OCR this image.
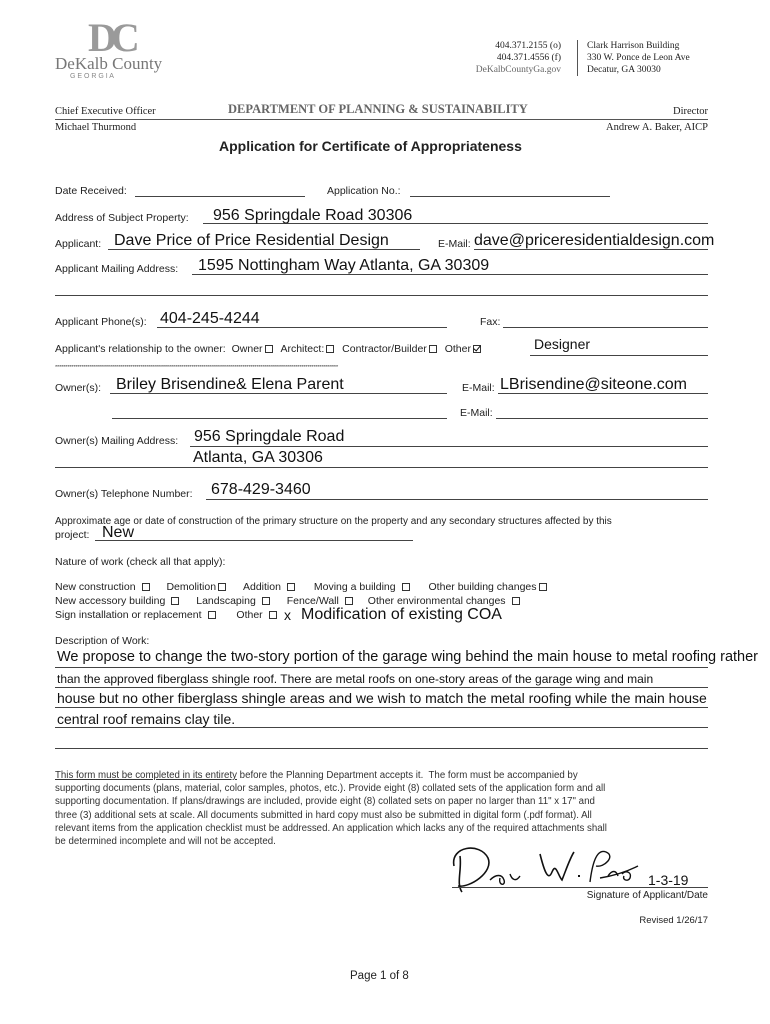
DC
DeKalb County
G E O R G I A
404.371.2155 (o)
404.371.4556 (f)
DeKalbCountyGa.gov
Clark Harrison Building
330 W. Ponce de Leon Ave
Decatur, GA 30030
Chief Executive Officer	DEPARTMENT OF PLANNING & SUSTAINABILITY	Director
Michael Thurmond	Andrew A. Baker, AICP
Application for Certificate of Appropriateness
Date Received:	Application No.:
Address of Subject Property: 956 Springdale Road 30306
Applicant: Dave Price of Price Residential Design	E-Mail: dave@priceresidentialdesign.com
Applicant Mailing Address: 1595 Nottingham Way Atlanta, GA 30309
Applicant Phone(s): 404-245-4244	Fax:
Applicant's relationship to the owner: Owner Architect: Contractor/Builder Other	Designer
*******************************************************************************************************************************************
Owner(s): Briley Brisendine& Elena Parent	E-Mail: LBrisendine@siteone.com
E-Mail:
Owner(s) Mailing Address: 956 Springdale Road
Atlanta, GA 30306
Owner(s) Telephone Number: 678-429-3460
Approximate age or date of construction of the primary structure on the property and any secondary structures affected by this
project: New
Nature of work (check all that apply):
New construction	Demolition	Addition	Moving a building	Other building changes
New accessory building	Landscaping	Fence/Wall	Other environmental changes
Sign installation or replacement	Other	x Modification of existing COA
Description of Work:
We propose to change the two-story portion of the garage wing behind the main house to metal roofing rather
than the approved fiberglass shingle roof. There are metal roofs on one-story areas of the garage wing and main
house but no other fiberglass shingle areas and we wish to match the metal roofing while the main house
central roof remains clay tile.
This form must be completed in its entirety before the Planning Department accepts it.  The form must be accompanied by
supporting documents (plans, material, color samples, photos, etc.). Provide eight (8) collated sets of the application form and all
supporting documentation. If plans/drawings are included, provide eight (8) collated sets on paper no larger than 11" x 17" and
three (3) additional sets at scale. All documents submitted in hard copy must also be submitted in digital form (.pdf format). All
relevant items from the application checklist must be addressed. An application which lacks any of the required attachments shall
be determined incomplete and will not be accepted.
1-3-19
Signature of Applicant/Date
Revised 1/26/17
Page 1 of 8
